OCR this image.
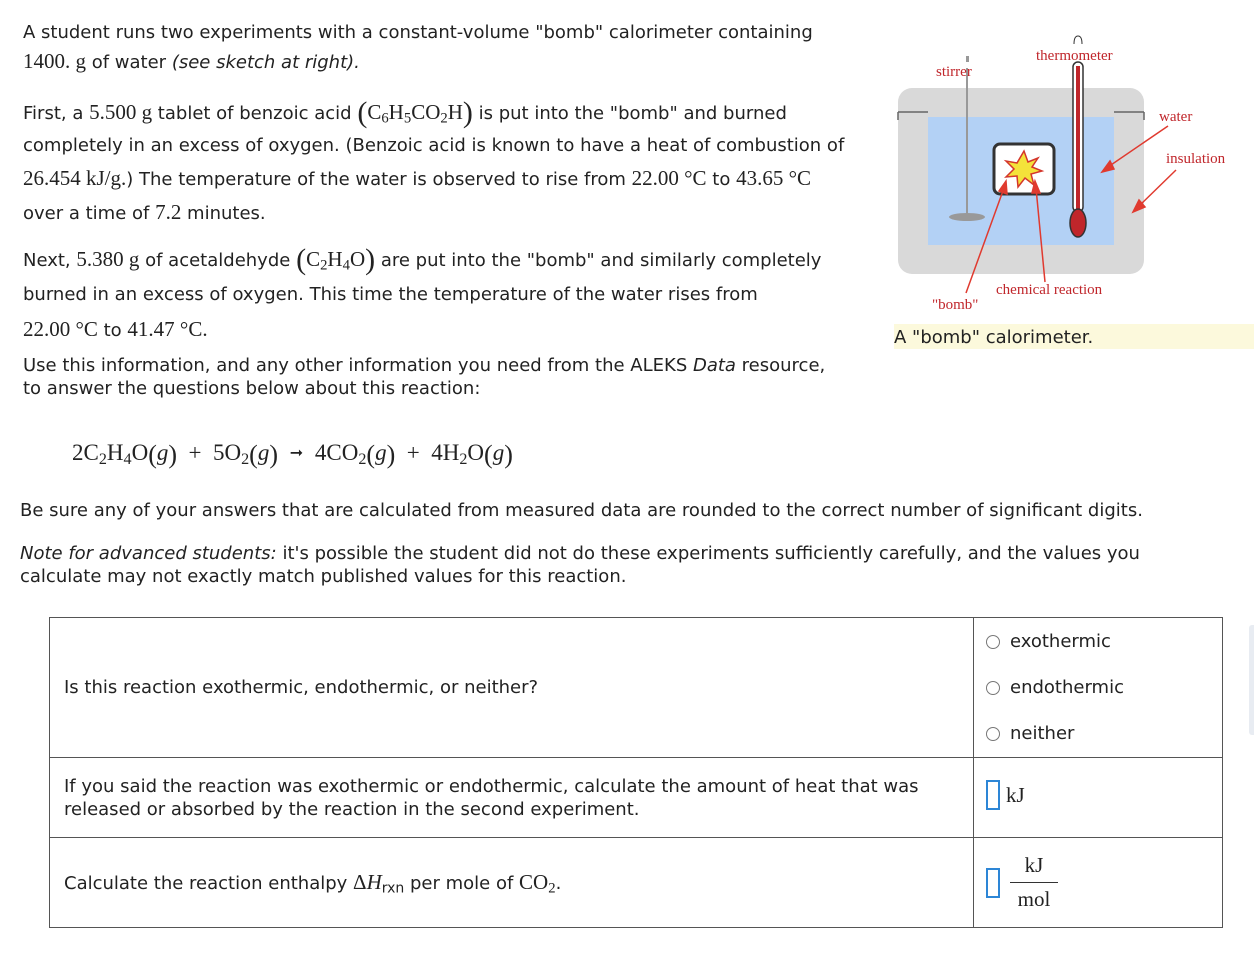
A student runs two experiments with a constant-volume "bomb" calorimeter containing
1400. g of water (see sketch at right).
First, a 5.500 g tablet of benzoic acid $(C_6H_5CO_2H)$ is put into the "bomb" and burned
completely in an excess of oxygen. (Benzoic acid is known to have a heat of combustion of
26.454 kJ/g.) The temperature of the water is observed to rise from 22.00 °C to 43.65 °C
over a time of 7.2 minutes.
Next, 5.380 g of acetaldehyde $(C_2H_4O)$ are put into the "bomb" and similarly completely
burned in an excess of oxygen. This time the temperature of the water rises from
22.00 °C to 41.47 °C.
Use this information, and any other information you need from the ALEKS Data resource,
to answer the questions below about this reaction:
stirrer
thermometer
water
insulation
chemical reaction
"bomb"
A "bomb" calorimeter.
$2C_2H_4O(g) + 5O_2(g)$ ➞ $4CO_2(g) + 4H_2O(g)$
Be sure any of your answers that are calculated from measured data are rounded to the correct number of significant digits.
Note for advanced students: it's possible the student did not do these experiments sufficiently carefully, and the values you
calculate may not exactly match published values for this reaction.
Is this reaction exothermic, endothermic, or neither?	exothermic
endothermic
neither

If you said the reaction was exothermic or endothermic, calculate the amount of heat that was
released or absorbed by the reaction in the second experiment.	kJ

Calculate the reaction enthalpy $\Delta H_{rxn}$ per mole of $CO_2$.	$\frac{kJ}{\text{mol}}$
